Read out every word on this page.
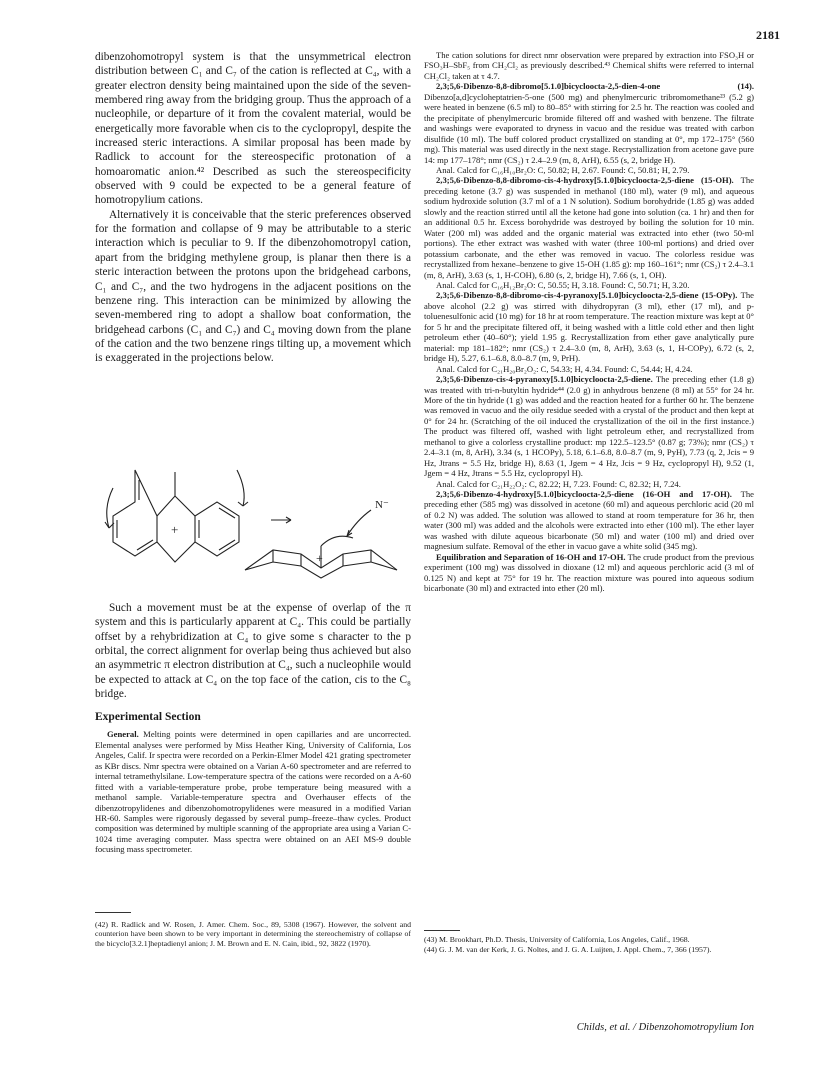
2181

dibenzohomotropyl system is that the unsymmetrical electron distribution between C₁ and C₇ of the cation is reflected at C₄, with a greater electron density being maintained upon the side of the seven-membered ring away from the bridging group. Thus the approach of a nucleophile, or departure of it from the covalent material, would be energetically more favorable when cis to the cyclopropyl, despite the increased steric interactions. A similar proposal has been made by Radlick to account for the stereospecific protonation of a homoaromatic anion.⁴² Described as such the stereospecificity observed with 9 could be expected to be a general feature of homotropylium cations.

Alternatively it is conceivable that the steric preferences observed for the formation and collapse of 9 may be attributable to a steric interaction which is peculiar to 9. If the dibenzohomotropyl cation, apart from the bridging methylene group, is planar then there is a steric interaction between the protons upon the bridgehead carbons, C₁ and C₇, and the two hydrogens in the adjacent positions on the benzene ring. This interaction can be minimized by allowing the seven-membered ring to adopt a shallow boat conformation, the bridgehead carbons (C₁ and C₇) and C₄ moving down from the plane of the cation and the two benzene rings tilting up, a movement which is exaggerated in the projections below.

+
+
N⁻

Such a movement must be at the expense of overlap of the π system and this is particularly apparent at C₄. This could be partially offset by a rehybridization at C₄ to give some s character to the p orbital, the correct alignment for overlap being thus achieved but also an asymmetric π electron distribution at C₄, such a nucleophile would be expected to attack at C₄ on the top face of the cation, cis to the C₈ bridge.

Experimental Section

General. Melting points were determined in open capillaries and are uncorrected. Elemental analyses were performed by Miss Heather King, University of California, Los Angeles, Calif. Ir spectra were recorded on a Perkin-Elmer Model 421 grating spectrometer as KBr discs. Nmr spectra were obtained on a Varian A-60 spectrometer and are referred to internal tetramethylsilane. Low-temperature spectra of the cations were recorded on a A-60 fitted with a variable-temperature probe, probe temperature being measured with a methanol sample. Variable-temperature spectra and Overhauser effects of the dibenzotropylidenes and dibenzohomotropylidenes were measured in a modified Varian HR-60. Samples were rigorously degassed by several pump–freeze–thaw cycles. Product composition was determined by multiple scanning of the appropriate area using a Varian C-1024 time averaging computer. Mass spectra were obtained on an AEI MS-9 double focusing mass spectrometer.

(42) R. Radlick and W. Rosen, J. Amer. Chem. Soc., 89, 5308 (1967). However, the solvent and counterion have been shown to be very important in determining the stereochemistry of collapse of the bicyclo[3.2.1]heptadienyl anion; J. M. Brown and E. N. Cain, ibid., 92, 3822 (1970).

The cation solutions for direct nmr observation were prepared by extraction into FSO₃H or FSO₃H–SbF₅ from CH₂Cl₂ as previously described.⁴³ Chemical shifts were referred to internal CH₂Cl₂ taken at τ 4.7.

2,3;5,6-Dibenzo-8,8-dibromo[5.1.0]bicycloocta-2,5-dien-4-one (14). Dibenzo[a,d]cycloheptatrien-5-one (500 mg) and phenylmercuric tribromomethane²³ (5.2 g) were heated in benzene (6.5 ml) to 80–85° with stirring for 2.5 hr. The reaction was cooled and the precipitate of phenylmercuric bromide filtered off and washed with benzene. The filtrate and washings were evaporated to dryness in vacuo and the residue was treated with carbon disulfide (10 ml). The buff colored product crystallized on standing at 0°, mp 172–175° (560 mg). This material was used directly in the next stage. Recrystallization from acetone gave pure 14: mp 177–178°; nmr (CS₂) τ 2.4–2.9 (m, 8, ArH), 6.55 (s, 2, bridge H).

Anal. Calcd for C₁₆H₁₀Br₂O: C, 50.82; H, 2.67. Found: C, 50.81; H, 2.79.

2,3;5,6-Dibenzo-8,8-dibromo-cis-4-hydroxy[5.1.0]bicycloocta-2,5-diene (15-OH). The preceding ketone (3.7 g) was suspended in methanol (180 ml), water (9 ml), and aqueous sodium hydroxide solution (3.7 ml of a 1 N solution). Sodium borohydride (1.85 g) was added slowly and the reaction stirred until all the ketone had gone into solution (ca. 1 hr) and then for an additional 0.5 hr. Excess borohydride was destroyed by boiling the solution for 10 min. Water (200 ml) was added and the organic material was extracted into ether (two 50-ml portions). The ether extract was washed with water (three 100-ml portions) and dried over potassium carbonate, and the ether was removed in vacuo. The colorless residue was recrystallized from hexane–benzene to give 15-OH (1.85 g): mp 160–161°; nmr (CS₂) τ 2.4–3.1 (m, 8, ArH), 3.63 (s, 1, H-COH), 6.80 (s, 2, bridge H), 7.66 (s, 1, OH).

Anal. Calcd for C₁₆H₁₂Br₂O: C, 50.55; H, 3.18. Found: C, 50.71; H, 3.20.

2,3;5,6-Dibenzo-8,8-dibromo-cis-4-pyranoxy[5.1.0]bicycloocta-2,5-diene (15-OPy). The above alcohol (2.2 g) was stirred with dihydropyran (3 ml), ether (17 ml), and p-toluenesulfonic acid (10 mg) for 18 hr at room temperature. The reaction mixture was kept at 0° for 5 hr and the precipitate filtered off, it being washed with a little cold ether and then light petroleum ether (40–60°); yield 1.95 g. Recrystallization from ether gave analytically pure material: mp 181–182°; nmr (CS₂) τ 2.4–3.0 (m, 8, ArH), 3.63 (s, 1, H-COPy), 6.72 (s, 2, bridge H), 5.27, 6.1–6.8, 8.0–8.7 (m, 9, PrH).

Anal. Calcd for C₂₁H₂₀Br₂O₂: C, 54.33; H, 4.34. Found: C, 54.44; H, 4.24.

2,3;5,6-Dibenzo-cis-4-pyranoxy[5.1.0]bicycloocta-2,5-diene. The preceding ether (1.8 g) was treated with tri-n-butyltin hydride⁴⁴ (2.0 g) in anhydrous benzene (8 ml) at 55° for 24 hr. More of the tin hydride (1 g) was added and the reaction heated for a further 60 hr. The benzene was removed in vacuo and the oily residue seeded with a crystal of the product and then kept at 0° for 24 hr. (Scratching of the oil induced the crystallization of the oil in the first instance.) The product was filtered off, washed with light petroleum ether, and recrystallized from methanol to give a colorless crystalline product: mp 122.5–123.5° (0.87 g; 73%); nmr (CS₂) τ 2.4–3.1 (m, 8, ArH), 3.34 (s, 1 HCOPy), 5.18, 6.1–6.8, 8.0–8.7 (m, 9, PyH), 7.73 (q, 2, Jcis = 9 Hz, Jtrans = 5.5 Hz, bridge H), 8.63 (1, Jgem = 4 Hz, Jcis = 9 Hz, cyclopropyl H), 9.52 (1, Jgem = 4 Hz, Jtrans = 5.5 Hz, cyclopropyl H).

Anal. Calcd for C₂₁H₂₂O₂: C, 82.22; H, 7.23. Found: C, 82.32; H, 7.24.

2,3;5,6-Dibenzo-4-hydroxy[5.1.0]bicycloocta-2,5-diene (16-OH and 17-OH). The preceding ether (585 mg) was dissolved in acetone (60 ml) and aqueous perchloric acid (20 ml of 0.2 N) was added. The solution was allowed to stand at room temperature for 36 hr, then water (300 ml) was added and the alcohols were extracted into ether (100 ml). The ether layer was washed with dilute aqueous bicarbonate (50 ml) and water (100 ml) and dried over magnesium sulfate. Removal of the ether in vacuo gave a white solid (345 mg).

Equilibration and Separation of 16-OH and 17-OH. The crude product from the previous experiment (100 mg) was dissolved in dioxane (12 ml) and aqueous perchloric acid (3 ml of 0.125 N) and kept at 75° for 19 hr. The reaction mixture was poured into aqueous sodium bicarbonate (30 ml) and extracted into ether (20 ml).

(43) M. Brookhart, Ph.D. Thesis, University of California, Los Angeles, Calif., 1968.

(44) G. J. M. van der Kerk, J. G. Noltes, and J. G. A. Luijten, J. Appl. Chem., 7, 366 (1957).

Childs, et al. / Dibenzohomotropylium Ion
